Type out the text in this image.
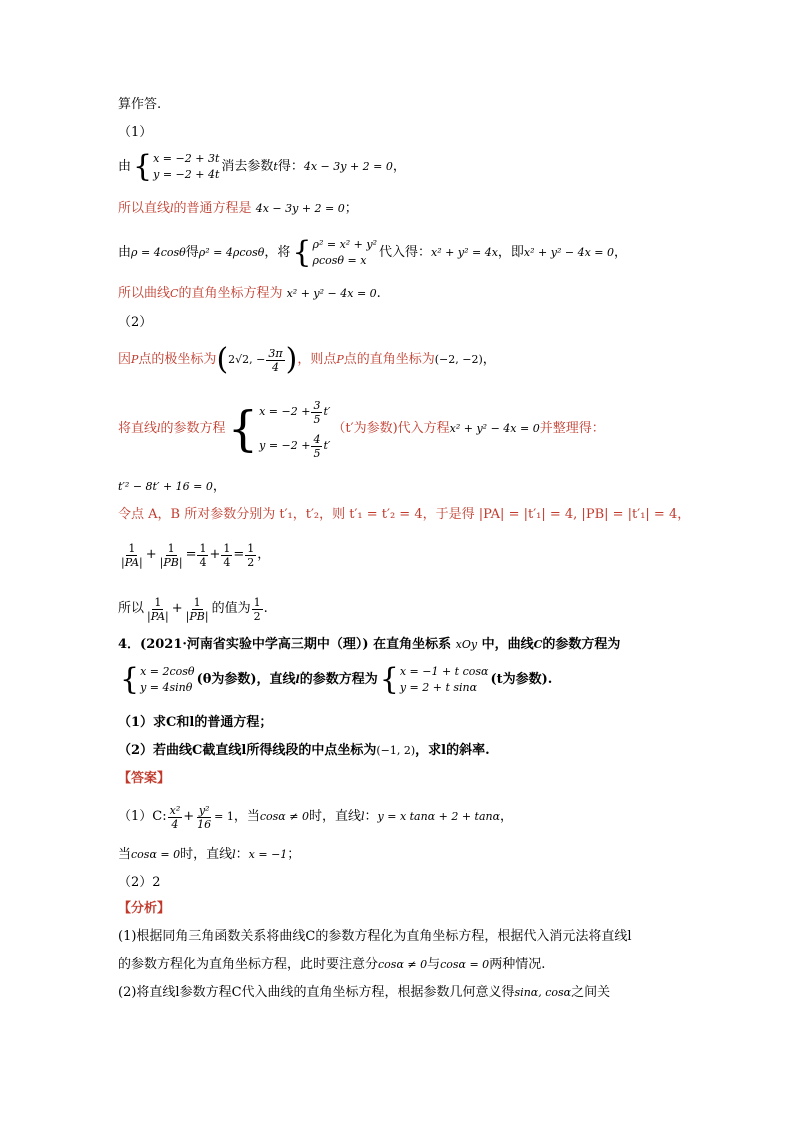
算作答.
（1）
由 { x = −2 + 3t
y = −2 + 4t
消去参数 t 得： 4x − 3y + 2 = 0 ，
所以直线l的普通方程是 4x − 3y + 2 = 0；
由 ρ = 4cosθ 得 ρ² = 4ρcosθ ，将 { ρ² = x² + y²
ρcosθ = x
代入得： x² + y² = 4x ，即 x² + y² − 4x = 0 ，
所以曲线C的直角坐标方程为 x² + y² − 4x = 0.
（2）
因 P 点的极坐标为 ( 2√2, − $\frac{3\pi}{4}$ ) ，则点 P 点的直角坐标为 (−2, −2) ，
将直线 l 的参数方程 { $x = -2 + \frac{3}{5} t'$
$y = -2 + \frac{4}{5} t'$
（t′为参数)代入方程 x² + y² − 4x = 0 并整理得：
t′² − 8t′ + 16 = 0，
令点 A，B 所对参数分别为 t′₁，t′₂，则 t′₁ = t′₂ = 4，于是得 |PA| = |t′₁| = 4, |PB| = |t′₁| = 4，
$\frac{1}{|PA|} + \frac{1}{|PB|} = \frac{1}{4} + \frac{1}{4} = \frac{1}{2}$ ，
所以 $\frac{1}{|PA|} + \frac{1}{|PB|}$ 的值为 $\frac{1}{2}$ .
4．(2021·河南省实验中学高三期中（理）) 在直角坐标系 xOy 中，曲线C的参数方程为
{ x = 2cosθ
y = 4sinθ
(θ为参数)，直线 l 的参数方程为 { x = −1 + t cosα
y = 2 + t sinα
(t为参数).
（1）求C和l的普通方程；
（2）若曲线C截直线l所得线段的中点坐标为(−1, 2)，求l的斜率.
【答案】
（1）C: $\frac{\text{x²}}{4} + \frac{\text{y²}}{16} = 1$ ，当 cosα ≠ 0 时，直线 l ： y = x tanα + 2 + tanα ，
当cosα = 0时，直线l：x = −1；
（2）2
【分析】
(1)根据同角三角函数关系将曲线C的参数方程化为直角坐标方程，根据代入消元法将直线l
的参数方程化为直角坐标方程，此时要注意分cosα ≠ 0与cosα = 0两种情况.
(2)将直线l参数方程C代入曲线的直角坐标方程，根据参数几何意义得sinα, cosα之间关
